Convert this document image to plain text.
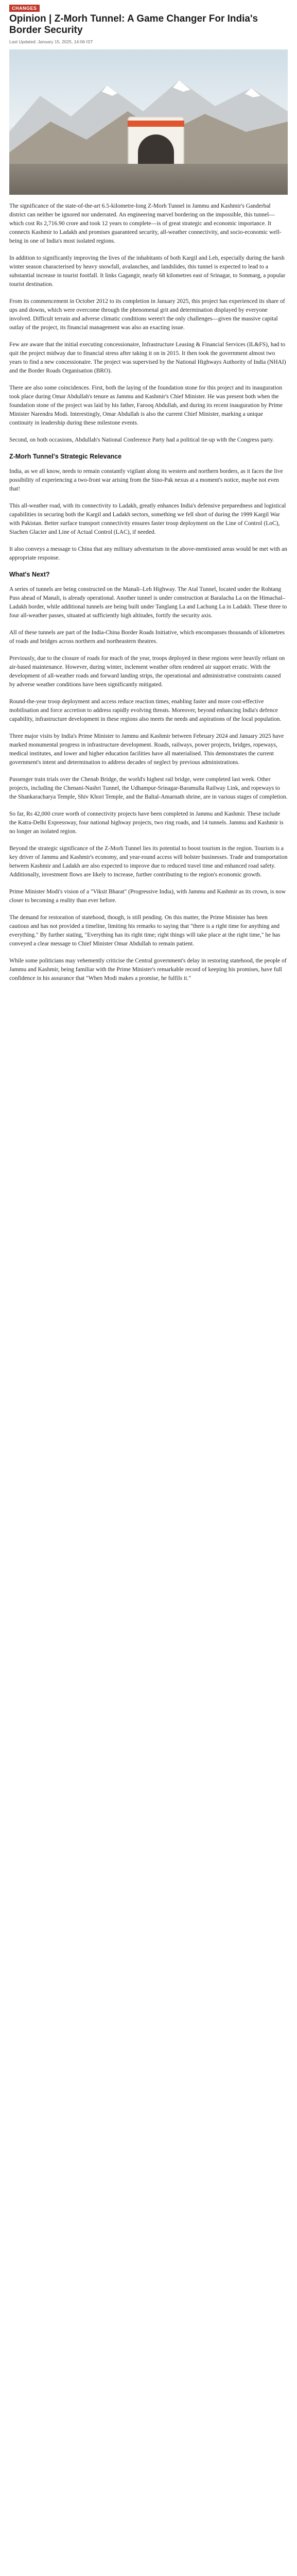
CHANGES
Opinion | Z-Morh Tunnel: A Game Changer For India's Border Security
Last Updated: January 15, 2025, 14:06 IST

The significance of the state-of-the-art 6.5-kilometre-long Z-Morh Tunnel in Jammu and Kashmir's Ganderbal district can neither be ignored nor underrated. An engineering marvel bordering on the impossible, this tunnel—which cost Rs 2,716.90 crore and took 12 years to complete—is of great strategic and economic importance. It connects Kashmir to Ladakh and promises guaranteed security, all-weather connectivity, and socio-economic well-being in one of India's most isolated regions.

In addition to significantly improving the lives of the inhabitants of both Kargil and Leh, especially during the harsh winter season characterised by heavy snowfall, avalanches, and landslides, this tunnel is expected to lead to a substantial increase in tourist footfall. It links Gagangir, nearly 68 kilometres east of Srinagar, to Sonmarg, a popular tourist destination.

From its commencement in October 2012 to its completion in January 2025, this project has experienced its share of ups and downs, which were overcome through the phenomenal grit and determination displayed by everyone involved. Difficult terrain and adverse climatic conditions weren't the only challenges—given the massive capital outlay of the project, its financial management was also an exacting issue.

Few are aware that the initial executing concessionaire, Infrastructure Leasing & Financial Services (IL&FS), had to quit the project midway due to financial stress after taking it on in 2015. It then took the government almost two years to find a new concessionaire. The project was supervised by the National Highways Authority of India (NHAI) and the Border Roads Organisation (BRO).

There are also some coincidences. First, both the laying of the foundation stone for this project and its inauguration took place during Omar Abdullah's tenure as Jammu and Kashmir's Chief Minister. He was present both when the foundation stone of the project was laid by his father, Farooq Abdullah, and during its recent inauguration by Prime Minister Narendra Modi. Interestingly, Omar Abdullah is also the current Chief Minister, marking a unique continuity in leadership during these milestone events.

Second, on both occasions, Abdullah's National Conference Party had a political tie-up with the Congress party.

Z-Morh Tunnel's Strategic Relevance

India, as we all know, needs to remain constantly vigilant along its western and northern borders, as it faces the live possibility of experiencing a two-front war arising from the Sino-Pak nexus at a moment's notice, maybe not even that!

This all-weather road, with its connectivity to Ladakh, greatly enhances India's defensive preparedness and logistical capabilities in securing both the Kargil and Ladakh sectors, something we fell short of during the 1999 Kargil War with Pakistan. Better surface transport connectivity ensures faster troop deployment on the Line of Control (LoC), Siachen Glacier and Line of Actual Control (LAC), if needed.

It also conveys a message to China that any military adventurism in the above-mentioned areas would be met with an appropriate response.

What's Next?

A series of tunnels are being constructed on the Manali–Leh Highway. The Atal Tunnel, located under the Rohtang Pass ahead of Manali, is already operational. Another tunnel is under construction at Baralacha La on the Himachal–Ladakh border, while additional tunnels are being built under Tanglang La and Lachung La in Ladakh. These three to four all-weather passes, situated at sufficiently high altitudes, fortify the security axis.

All of these tunnels are part of the India-China Border Roads Initiative, which encompasses thousands of kilometres of roads and bridges across northern and northeastern theatres.

Previously, due to the closure of roads for much of the year, troops deployed in these regions were heavily reliant on air-based maintenance. However, during winter, inclement weather often rendered air support erratic. With the development of all-weather roads and forward landing strips, the operational and administrative constraints caused by adverse weather conditions have been significantly mitigated.

Round-the-year troop deployment and access reduce reaction times, enabling faster and more cost-effective mobilisation and force accretion to address rapidly evolving threats. Moreover, beyond enhancing India's defence capability, infrastructure development in these regions also meets the needs and aspirations of the local population.

Three major visits by India's Prime Minister to Jammu and Kashmir between February 2024 and January 2025 have marked monumental progress in infrastructure development. Roads, railways, power projects, bridges, ropeways, medical institutes, and lower and higher education facilities have all materialised. This demonstrates the current government's intent and determination to address decades of neglect by previous administrations.

Passenger train trials over the Chenab Bridge, the world's highest rail bridge, were completed last week. Other projects, including the Chenani-Nashri Tunnel, the Udhampur-Srinagar-Baramulla Railway Link, and ropeways to the Shankaracharya Temple, Shiv Khori Temple, and the Baltal-Amarnath shrine, are in various stages of completion.

So far, Rs 42,000 crore worth of connectivity projects have been completed in Jammu and Kashmir. These include the Katra-Delhi Expressway, four national highway projects, two ring roads, and 14 tunnels. Jammu and Kashmir is no longer an isolated region.

Beyond the strategic significance of the Z-Morh Tunnel lies its potential to boost tourism in the region. Tourism is a key driver of Jammu and Kashmir's economy, and year-round access will bolster businesses. Trade and transportation between Kashmir and Ladakh are also expected to improve due to reduced travel time and enhanced road safety. Additionally, investment flows are likely to increase, further contributing to the region's economic growth.

Prime Minister Modi's vision of a "Viksit Bharat" (Progressive India), with Jammu and Kashmir as its crown, is now closer to becoming a reality than ever before.

The demand for restoration of statehood, though, is still pending. On this matter, the Prime Minister has been cautious and has not provided a timeline, limiting his remarks to saying that "there is a right time for anything and everything." By further stating, "Everything has its right time; right things will take place at the right time," he has conveyed a clear message to Chief Minister Omar Abdullah to remain patient.

While some politicians may vehemently criticise the Central government's delay in restoring statehood, the people of Jammu and Kashmir, being familiar with the Prime Minister's remarkable record of keeping his promises, have full confidence in his assurance that "When Modi makes a promise, he fulfils it."
